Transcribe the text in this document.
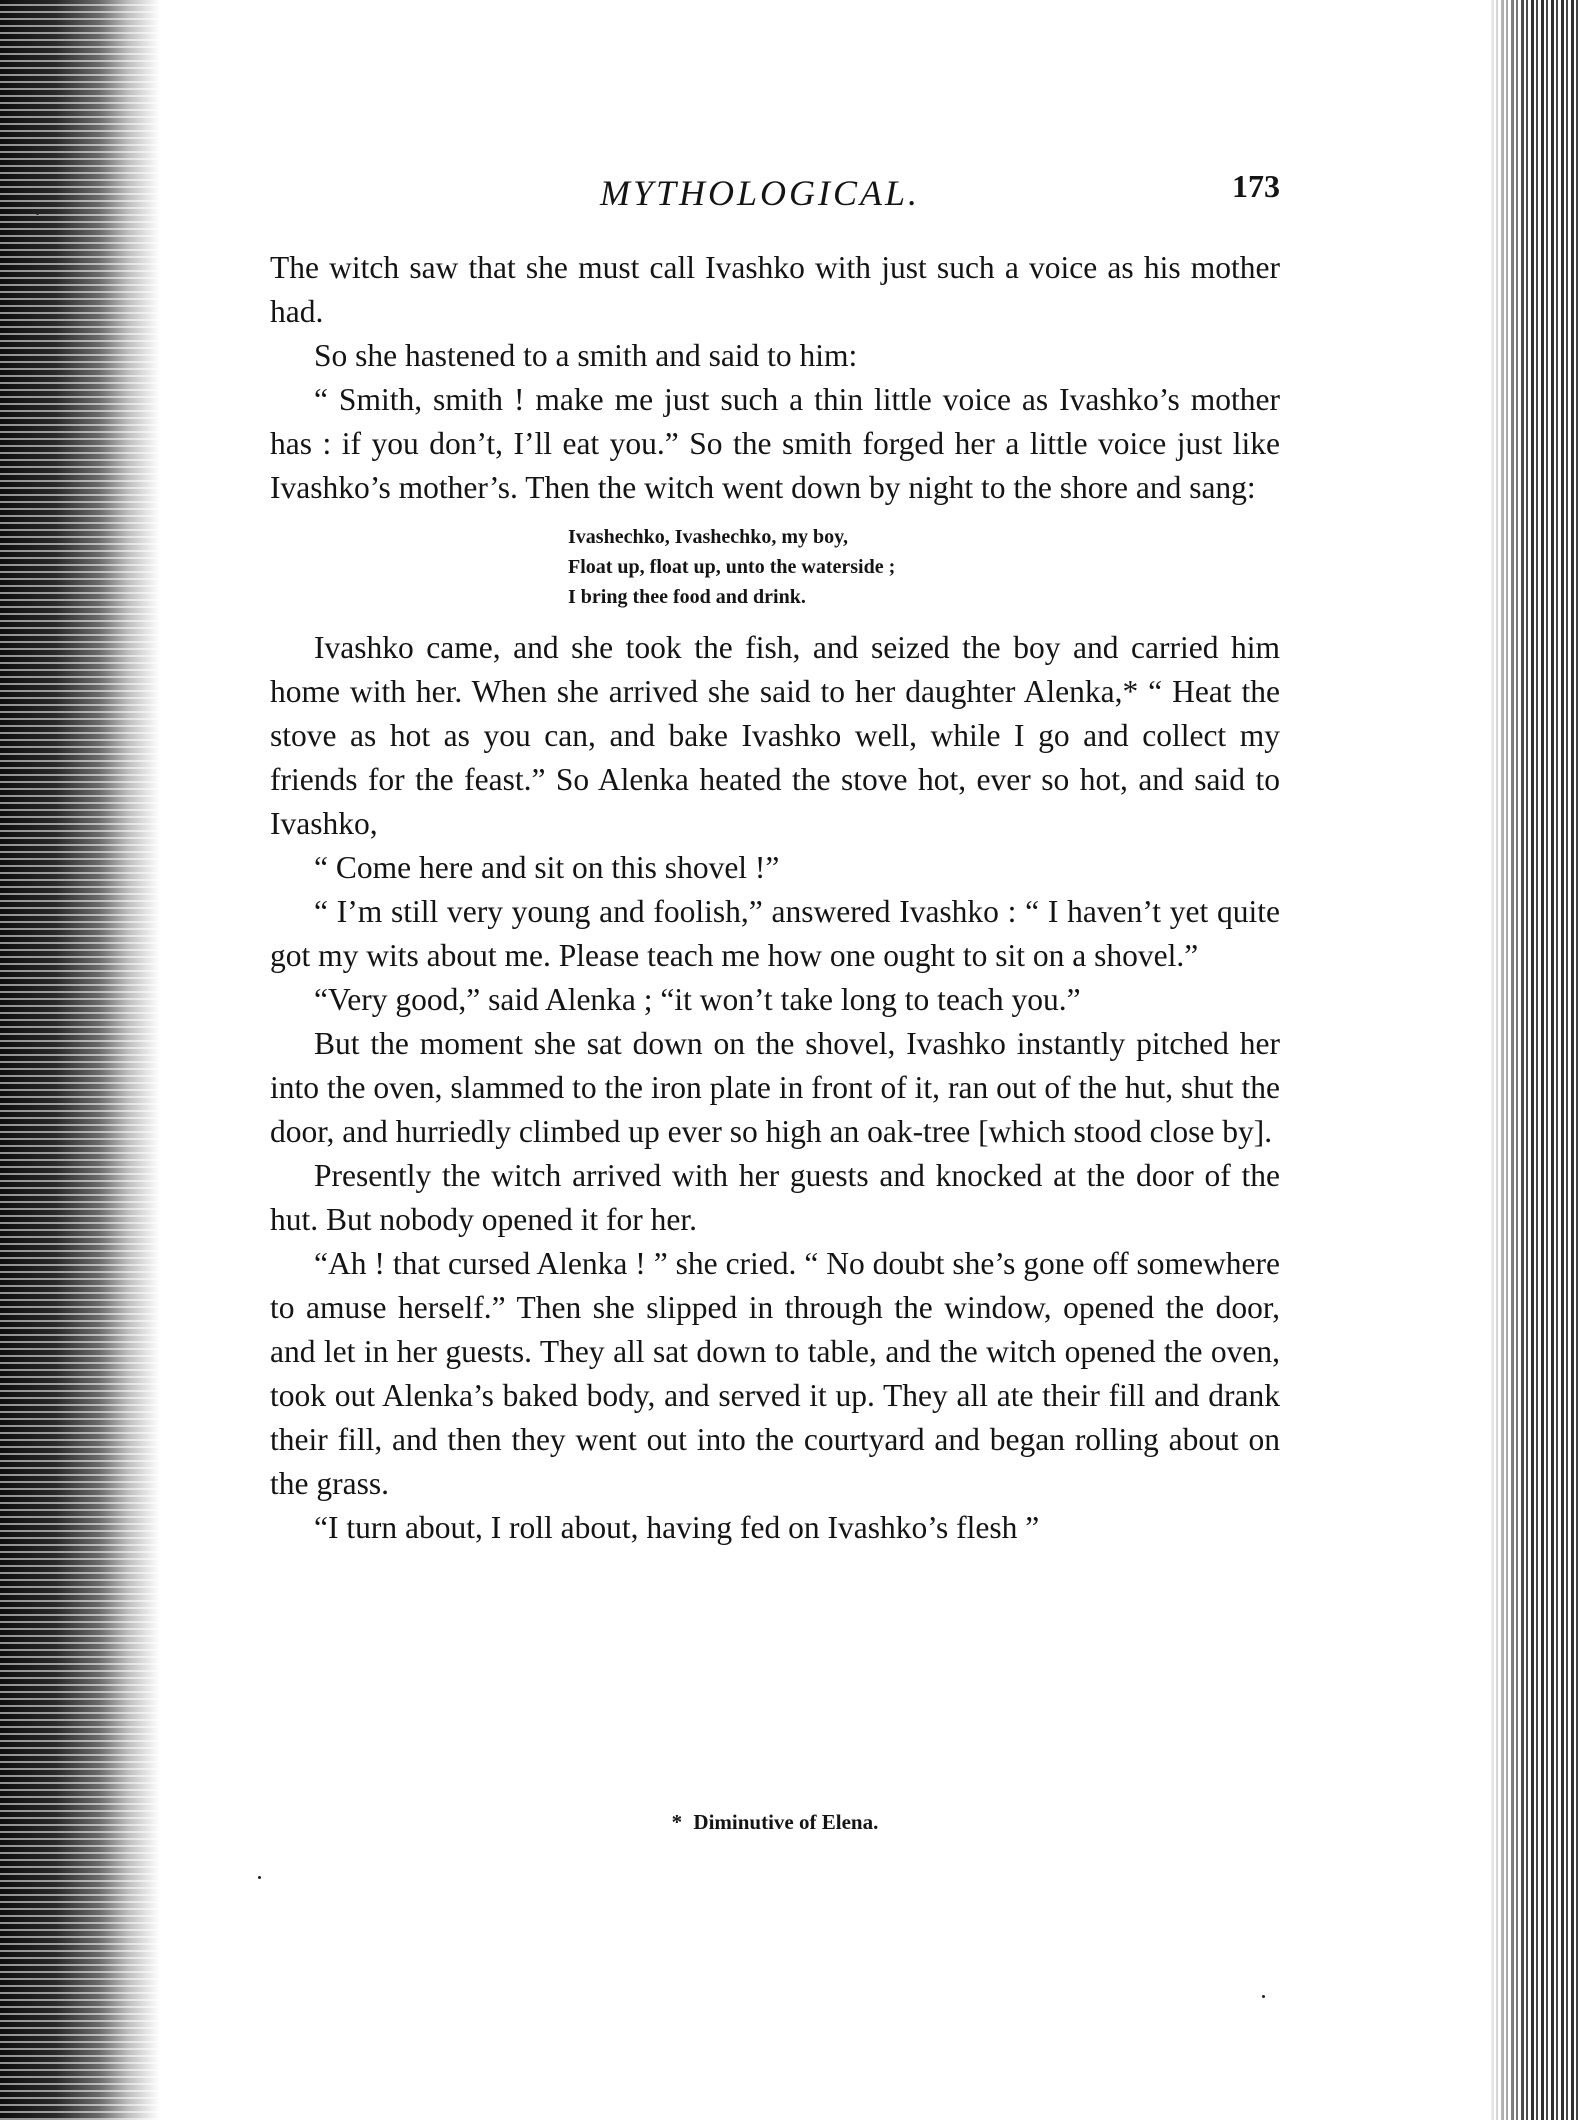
MYTHOLOGICAL.	173

The witch saw that she must call Ivashko with just such a voice as his mother had.

So she hastened to a smith and said to him:

“ Smith, smith ! make me just such a thin little voice as Ivashko’s mother has : if you don’t, I’ll eat you.” So the smith forged her a little voice just like Ivashko’s mother’s. Then the witch went down by night to the shore and sang:

Ivashechko, Ivashechko, my boy,
Float up, float up, unto the waterside ;
I bring thee food and drink.

Ivashko came, and she took the fish, and seized the boy and carried him home with her. When she arrived she said to her daughter Alenka,* “ Heat the stove as hot as you can, and bake Ivashko well, while I go and collect my friends for the feast.” So Alenka heated the stove hot, ever so hot, and said to Ivashko,

“ Come here and sit on this shovel !”

“ I’m still very young and foolish,” answered Ivashko : “ I haven’t yet quite got my wits about me. Please teach me how one ought to sit on a shovel.”

“Very good,” said Alenka ; “it won’t take long to teach you.”

But the moment she sat down on the shovel, Ivashko instantly pitched her into the oven, slammed to the iron plate in front of it, ran out of the hut, shut the door, and hurriedly climbed up ever so high an oak-tree [which stood close by].

Presently the witch arrived with her guests and knocked at the door of the hut. But nobody opened it for her.

“Ah ! that cursed Alenka ! ” she cried. “ No doubt she’s gone off somewhere to amuse herself.” Then she slipped in through the window, opened the door, and let in her guests. They all sat down to table, and the witch opened the oven, took out Alenka’s baked body, and served it up. They all ate their fill and drank their fill, and then they went out into the courtyard and began rolling about on the grass.

“I turn about, I roll about, having fed on Ivashko’s flesh ”

* Diminutive of Elena.
